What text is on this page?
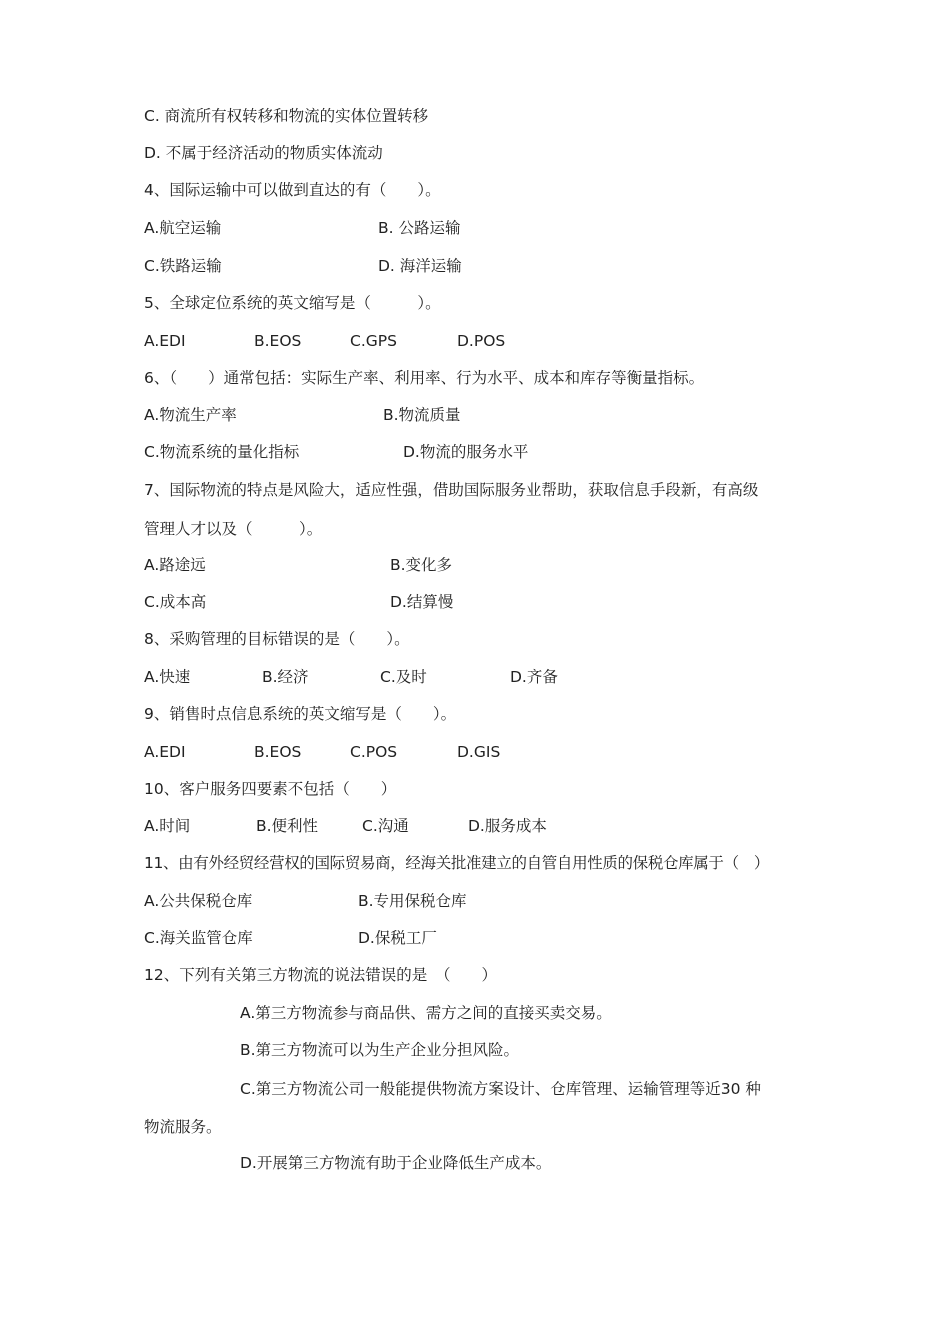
C. 商流所有权转移和物流的实体位置转移
D. 不属于经济活动的物质实体流动
4、国际运输中可以做到直达的有（　　）。
A.航空运输	B. 公路运输
C.铁路运输	D. 海洋运输
5、全球定位系统的英文缩写是（　　　）。
A.EDI	B.EOS	C.GPS	D.POS
6、（　　）通常包括：实际生产率、利用率、行为水平、成本和库存等衡量指标。
A.物流生产率	B.物流质量
C.物流系统的量化指标	D.物流的服务水平
7、国际物流的特点是风险大，适应性强，借助国际服务业帮助，获取信息手段新，有高级
管理人才以及（　　　）。
A.路途远	B.变化多
C.成本高	D.结算慢
8、采购管理的目标错误的是（　　）。
A.快速	B.经济	C.及时	D.齐备
9、销售时点信息系统的英文缩写是（　　）。
A.EDI	B.EOS	C.POS	D.GIS
10、客户服务四要素不包括（　　）
A.时间	B.便利性	C.沟通	D.服务成本
11、由有外经贸经营权的国际贸易商，经海关批准建立的自管自用性质的保税仓库属于（　）
A.公共保税仓库	B.专用保税仓库
C.海关监管仓库	D.保税工厂
12、下列有关第三方物流的说法错误的是　（　　）
A.第三方物流参与商品供、需方之间的直接买卖交易。
B.第三方物流可以为生产企业分担风险。
C.第三方物流公司一般能提供物流方案设计、仓库管理、运输管理等近30 种
物流服务。
D.开展第三方物流有助于企业降低生产成本。
